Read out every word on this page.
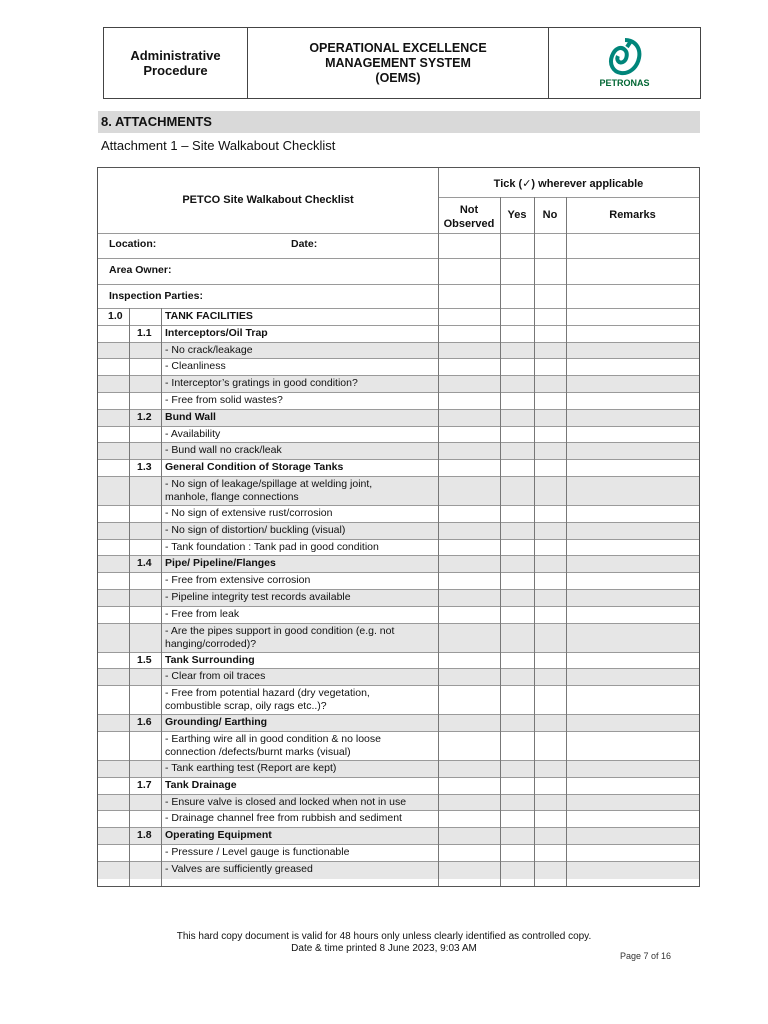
Administrative Procedure
OPERATIONAL EXCELLENCE
MANAGEMENT SYSTEM
(OEMS)	PETRONAS
8. ATTACHMENTS
Attachment 1 – Site Walkabout Checklist
PETCO Site Walkabout Checklist
Tick (✓) wherever applicable
Not Observed
Yes	No	Remarks
Location:	Date:
Area Owner:
Inspection Parties:
1.0	TANK FACILITIES
1.1 Interceptors/Oil Trap
- No crack/leakage
- Cleanliness
- Interceptor’s gratings in good condition?
- Free from solid wastes?
1.2 Bund Wall
- Availability
- Bund wall no crack/leak
1.3 General Condition of Storage Tanks
- No sign of leakage/spillage at welding joint,
manhole, flange connections
- No sign of extensive rust/corrosion
- No sign of distortion/ buckling (visual)
- Tank foundation : Tank pad in good condition
1.4 Pipe/ Pipeline/Flanges
- Free from extensive corrosion
- Pipeline integrity test records available
- Free from leak
- Are the pipes support in good condition (e.g. not
hanging/corroded)?
1.5 Tank Surrounding
- Clear from oil traces
- Free from potential hazard (dry vegetation,
combustible scrap, oily rags etc..)?
1.6 Grounding/ Earthing
- Earthing wire all in good condition & no loose
connection /defects/burnt marks (visual)
- Tank earthing test (Report are kept)
1.7 Tank Drainage
- Ensure valve is closed and locked when not in use
- Drainage channel free from rubbish and sediment
1.8 Operating Equipment
- Pressure / Level gauge is functionable
- Valves are sufficiently greased
This hard copy document is valid for 48 hours only unless clearly identified as controlled copy.
Date & time printed 8 June 2023, 9:03 AM
Page 7 of 16
